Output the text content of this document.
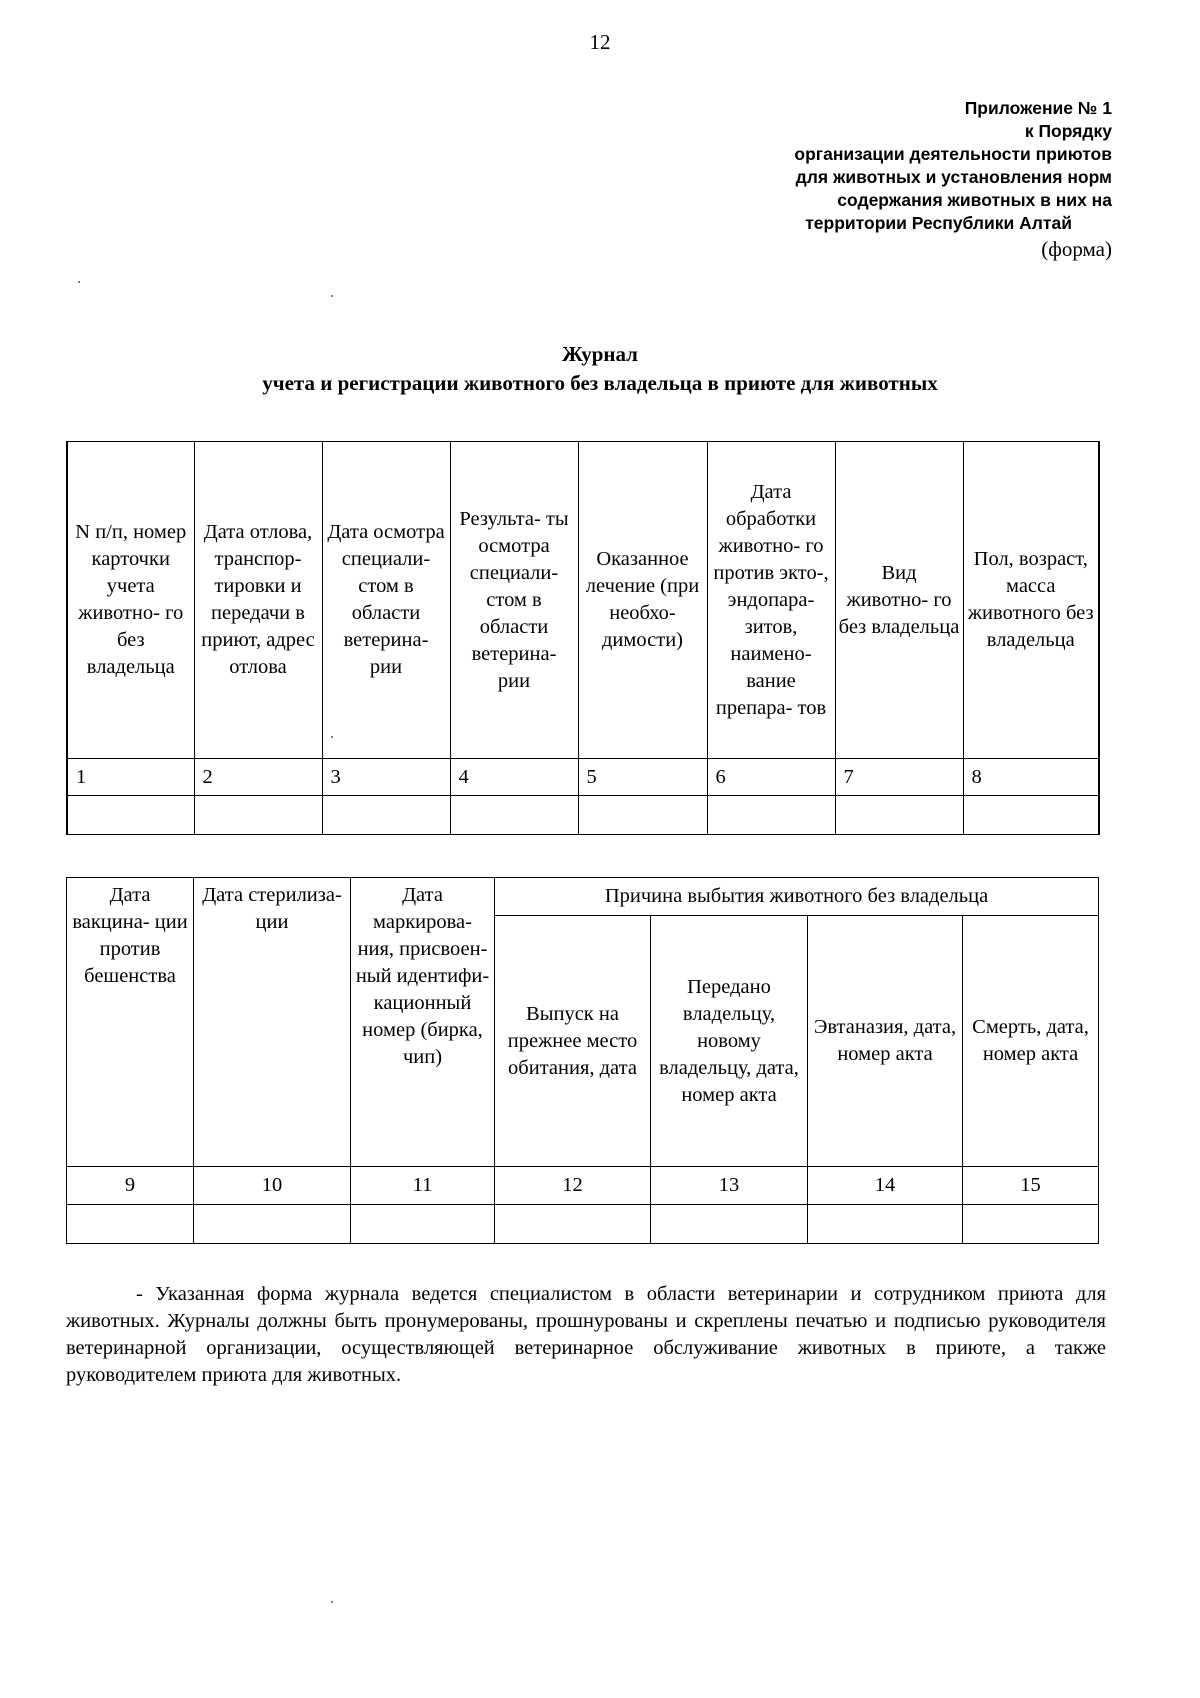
12
Приложение № 1
к Порядку
организации деятельности приютов
для животных и установления норм
содержания животных в них на
территории Республики Алтай
(форма)
Журнал
учета и регистрации животного без владельца в приюте для животных
N п/п, номер карточки учета животно- го без владельца	Дата отлова, транспор- тировки и передачи в приют, адрес отлова	Дата осмотра специали- стом в области ветерина- рии	Результа- ты осмотра специали- стом в области ветерина- рии	Оказанное лечение (при необхо- димости)	Дата обработки животно- го против экто-, эндопара- зитов, наимено- вание препара- тов	Вид животно- го без владельца	Пол, возраст, масса животного без владельца
1	2	3	4	5	6	7	8

Дата вакцина- ции против бешенства	Дата стерилиза- ции	Дата маркирова- ния, присвоен- ный идентифи- кационный номер (бирка, чип)	Причина выбытия животного без владельца			
			Выпуск на прежнее место обитания, дата	Передано владельцу, новому владельцу, дата, номер акта	Эвтаназия, дата, номер акта	Смерть, дата, номер акта
9	10	11	12	13	14	15

- Указанная форма журнала ведется специалистом в области ветеринарии и сотрудником приюта для животных. Журналы должны быть пронумерованы, прошнурованы и скреплены печатью и подписью руководителя ветеринарной организации, осуществляющей ветеринарное обслуживание животных в приюте, а также руководителем приюта для животных.
